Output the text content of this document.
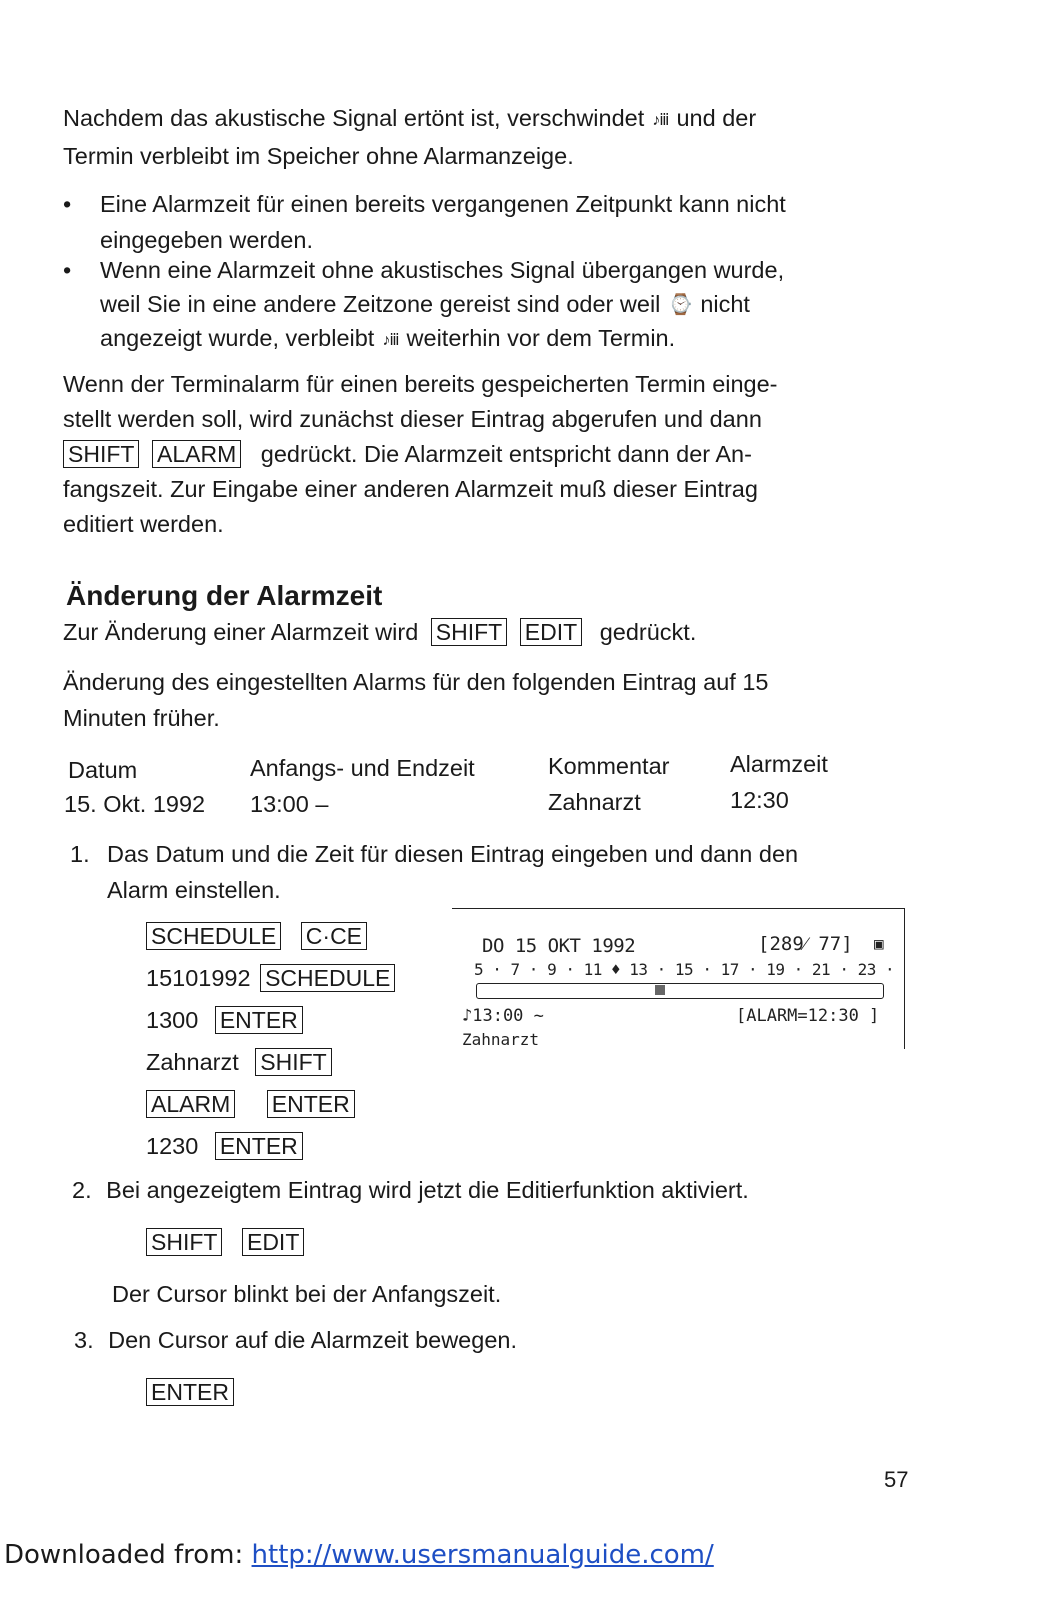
Nachdem das akustische Signal ertönt ist, verschwindet ♪ⅲ und der
Termin verbleibt im Speicher ohne Alarmanzeige.
• Eine Alarmzeit für einen bereits vergangenen Zeitpunkt kann nicht
eingegeben werden.
• Wenn eine Alarmzeit ohne akustisches Signal übergangen wurde,
weil Sie in eine andere Zeitzone gereist sind oder weil ⌚ nicht
angezeigt wurde, verbleibt ♪ⅲ weiterhin vor dem Termin.
Wenn der Terminalarm für einen bereits gespeicherten Termin einge-
stellt werden soll, wird zunächst dieser Eintrag abgerufen und dann
SHIFT ALARM gedrückt. Die Alarmzeit entspricht dann der An-
fangszeit. Zur Eingabe einer anderen Alarmzeit muß dieser Eintrag
editiert werden.
Änderung der Alarmzeit
Zur Änderung einer Alarmzeit wird SHIFT EDIT gedrückt.
Änderung des eingestellten Alarms für den folgenden Eintrag auf 15
Minuten früher.
Datum	Anfangs- und Endzeit	Kommentar	Alarmzeit
15. Okt. 1992 13:00 –	Zahnarzt	12:30
1. Das Datum und die Zeit für diesen Eintrag eingeben und dann den
Alarm einstellen.
SCHEDULE C·CE
15101992 SCHEDULE
1300 ENTER
Zahnarzt SHIFT
ALARM ENTER
1230 ENTER
DO 15 OKT 1992	[289⁄ 77] ▣
5 · 7 · 9 · 11 ♦ 13 · 15 · 17 · 19 · 21 · 23 ·
♪13:00 ~	[ALARM=12:30 ]
Zahnarzt
2. Bei angezeigtem Eintrag wird jetzt die Editierfunktion aktiviert.
SHIFT EDIT
Der Cursor blinkt bei der Anfangszeit.
3. Den Cursor auf die Alarmzeit bewegen.
ENTER
57
Downloaded from: http://www.usersmanualguide.com/
